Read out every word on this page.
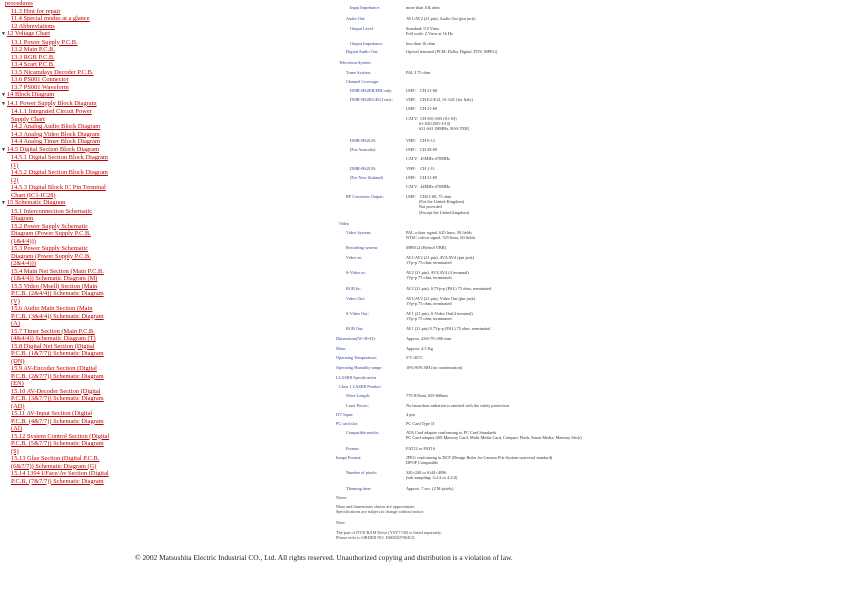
procedures
11.3 Hint for repair
11.4 Special modes at a glance
12 Abbreviations
▼12 Voltage Chart
13.1 Power Supply P.C.B.
13.2 Main P.C.B.
13.3 RGB P.C.B.
13.4 Scart P.C.B.
13.5 Nicamdays Decoder P.C.B.
13.6 PS001 Connector
13.7 PS001 Waveform
▼14 Block Diagram
▼14.1 Power Supply Block Diagram
14.1.1 Integrated Circuit Power
Supply Chart
14.2 Analog Audio Block Diagram
14.3 Analog Video Block Diagram
14.4 Analog Timer Block Diagram
▼14.5 Digital Section Block Diagram
14.5.1 Digital Section Block Diagram
(1)
14.5.2 Digital Section Block Diagram
(2)
14.5.3 Digital Block IC Pin Terminal
Chart (IC1-IC28)
▼15 Schematic Diagram
15.1 Interconnection Schematic
Diagram
15.2 Power Supply Schematic
Diagram (Power Supply P.C.B.
(1&4/4)))
15.3 Power Supply Schematic
Diagram (Power Supply P.C.B.
(2&4/4)))
15.4 Main Net Section (Main P.C.B.
(1&4/4)) Schematic Diagram (M)
15.5 Video (Msell) Section (Main
P.C.B. (2&4/4)) Schematic Diagram
(V)
15.6 Audio Main Section (Main
P.C.B. (3&4/4)) Schematic Diagram
(A)
15.7 Timer Section (Main P.C.B.
(4&4/4)) Schematic Diagram (T)
15.8 Digital Net Section (Digital
P.C.B. (1&7/7)) Schematic Diagram
(DN)
15.9 AV-Encoder Section (Digital
P.C.B. (2&7/7)) Schematic Diagram
(EN)
15.10 AV-Decoder Section (Digital
P.C.B. (3&7/7)) Schematic Diagram
(AD)
15.11 AV-Input Section (Digital
P.C.B. (4&7/7)) Schematic Diagram
(AI)
15.12 System Control Section (Digital
P.C.B. (5&7/7)) Schematic Diagram
(S)
15.13 Glue Section (Digital P.C.B.
(6&7/7)) Schematic Diagram (G)
15.14 1394 I/Face/Av Section (Digital
P.C.B. (7&7/7)) Schematic Diagram
Input Impedance:	more than 10k ohm
Audio Out:	AV1/AV2 (21 pin), Audio Out (pin jack)
Output Level:	Standard: 0.5 Vrms
Full scale: 2 Vrms at 1k Hz
Output Impedance:	less than 1k ohm
Digital Audio Out:	Optical terminal (PCM, Dolby Digital, DTS, MPEG)
Television System
Tuner System:	PAL I 75 ohm
Channel Coverage:
DMR-HS2EB/EBI only:	UHF:    CH 21-68
DMR-HS2EG/EGI only:	VHF:    CH E2-E12, S1-S41 (for Italy)
UHF:    CH 21-69
CATV:  CH S01-S05 (S1-S3)
S1-S20 (M1-U10)
S21-S41 [HMHz, BAS TER]
DMR-HS2GN:	VHF:    CH 0-12
(For Australia)	UHF:    CH 28-69
CATV:  45MHz-470MHz
DMR-HS2GN:	VHF:    CH 1-11
(For New Zealand)	UHF:    CH 21-69
CATV:  44MHz-470MHz
RF Converter Output:	UHF:    CH21-68, 75 ohm
(For the United Kingdom)
Not provided
(Except the United kingdom)
Video
Video System:	PAL colour signal, 625 lines, 50 fields
NTSC colour signal, 525 lines, 60 fields
Recording system:	MPEG2 (Hybrid VBR)
Video in:	AV1/AV2 (21 pin), AV3/AV4 (pin jack)
1Vp-p 75 ohm, terminated
S-Video in:	AV2 (21 pin), AV3/AV4 (4 terminal)
1Vp-p 75 ohm, terminated
RGB In:	AV2 (21 pin), 0.7Vp-p (PAL) 75 ohm, terminated
Video Out:	AV1/AV2 (21 pin), Video Out (pin jack)
1Vp-p 75 ohm, terminated
S-Video Out:	AV1 (21 pin), S-Video Out(4 terminal)
1Vp-p 75 ohm, terminated
RGB Out:	AV1 (21 pin) 0.7Vp-p (PAL) 75 ohm, terminated
Dimensions(W×H×D):	Approx. 430×79×306 mm
Mass:	Approx. 4.5 Kg
Operating Temperature:	5°C-40°C
Operating Humidity range:	10%-80% RH (no condensation)
LLASER Specification
Class 1 LASER Product
Wave Length:	775-815nm, 655-666nm
Laser Power:	No hazardous radiation is emitted with the safety protection
DV Input:	4 pin
PC card slot:	PC Card Type II
Compatible media:	ATA Card adapter conforming to PC Card Standards
PC Card adapter (SD Memory Card, Multi Media Card, Compact Flash, Smart Media, Memory Stick)
Format:	FAT12 or FAT16
Image Format:	JPEG conforming to DCF (Design Rules for Camera File System universal standard)
DPOF Compatible
Number of pixels:	320×240 to 6144×4096
(sub sampling: 4:2:2 or 4:2:0)
Thinning time:	Approx. 7 sec. (2 M pixels)
Notes:
Mass and dimensions shown are approximate.
Specifications are subject to change without notice.
Note:
The part of DVD RAM Drive (YSY7740) is listed separately.
Please refer to ORDER NO. DSD0207004C0.
© 2002 Matsushita Electric Industrial CO., Ltd. All rights reserved. Unauthorized copying and distribution is a violation of law.
